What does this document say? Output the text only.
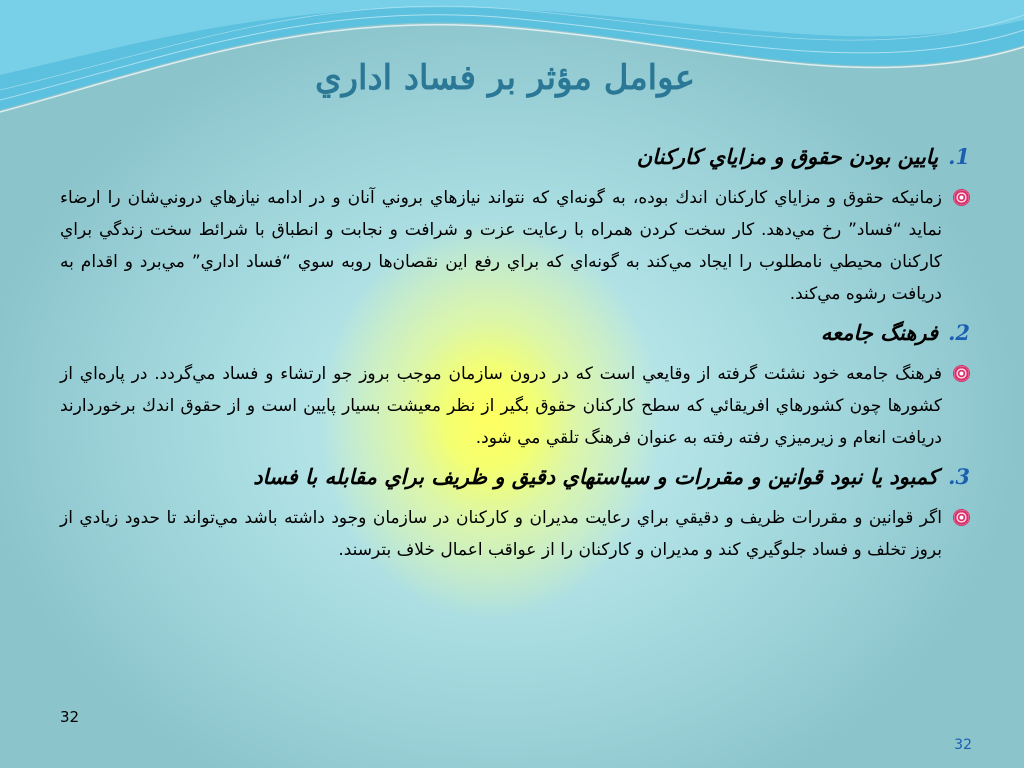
عوامل مؤثر بر فساد اداري
1.پايين بودن حقوق و مزاياي كاركنان
زمانيكه حقوق و مزاياي كاركنان اندك بوده، به گونه‌اي كه نتواند نيازهاي بروني آنان و در ادامه نيازهاي دروني‌شان را ارضاء نمايد “فساد” رخ مي‌دهد. كار سخت كردن همراه با رعايت عزت و شرافت و نجابت و انطباق با شرائط سخت زندگي براي كاركنان محيطي نامطلوب را ايجاد مي‌كند به گونه‌اي كه براي رفع اين نقصان‌ها روبه سوي “فساد اداري” مي‌برد و اقدام به دريافت رشوه مي‌كند.
2.فرهنگ جامعه
فرهنگ جامعه خود نشئت گرفته از وقايعي است كه در درون سازمان موجب بروز جو ارتشاء و فساد مي‌گردد. در پاره‌اي از كشورها چون كشورهاي افريقائي كه سطح كاركنان حقوق بگير از نظر معيشت بسيار پايين است و از حقوق اندك برخوردارند دريافت انعام و زيرميزي رفته رفته به عنوان فرهنگ تلقي مي شود.
3.كمبود يا نبود قوانين و مقررات و سياستهاي دقيق و ظريف براي مقابله با فساد
اگر قوانين و مقررات ظريف و دقيقي براي رعايت مديران و كاركنان در سازمان وجود داشته باشد مي‌تواند تا حدود زيادي از بروز تخلف و فساد جلوگيري كند و مديران و كاركنان را از عواقب اعمال خلاف بترسند.
32
32
